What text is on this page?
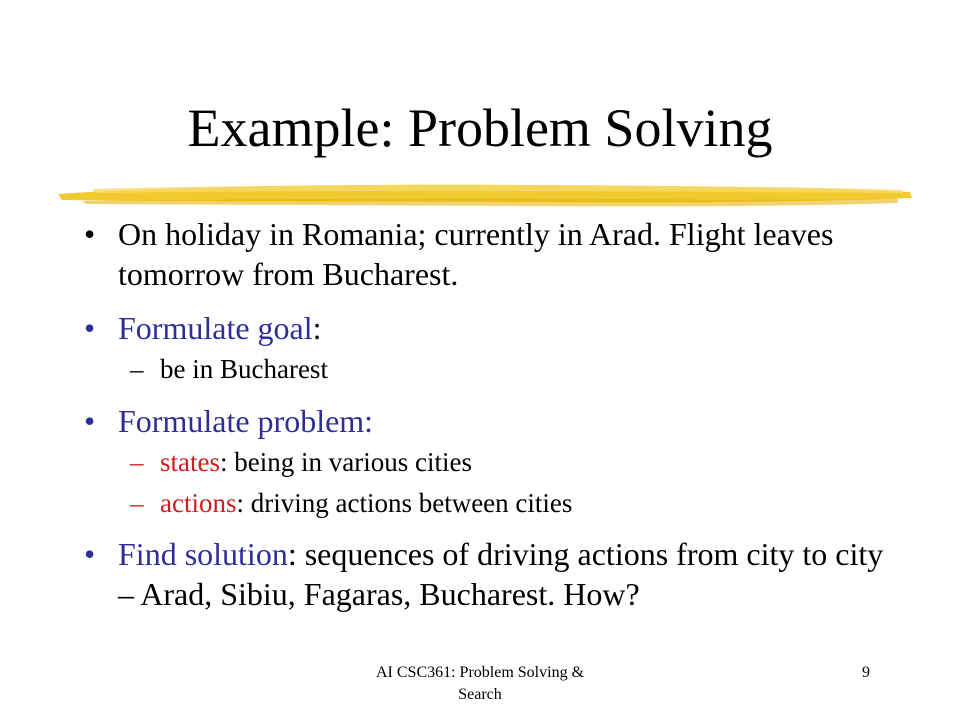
Example: Problem Solving
• On holiday in Romania; currently in Arad. Flight leaves tomorrow from Bucharest.
• Formulate goal:
– be in Bucharest
• Formulate problem:
– states: being in various cities
– actions: driving actions between cities
• Find solution: sequences of driving actions from city to city – Arad, Sibiu, Fagaras, Bucharest. How?
AI CSC361: Problem Solving &
Search
9
